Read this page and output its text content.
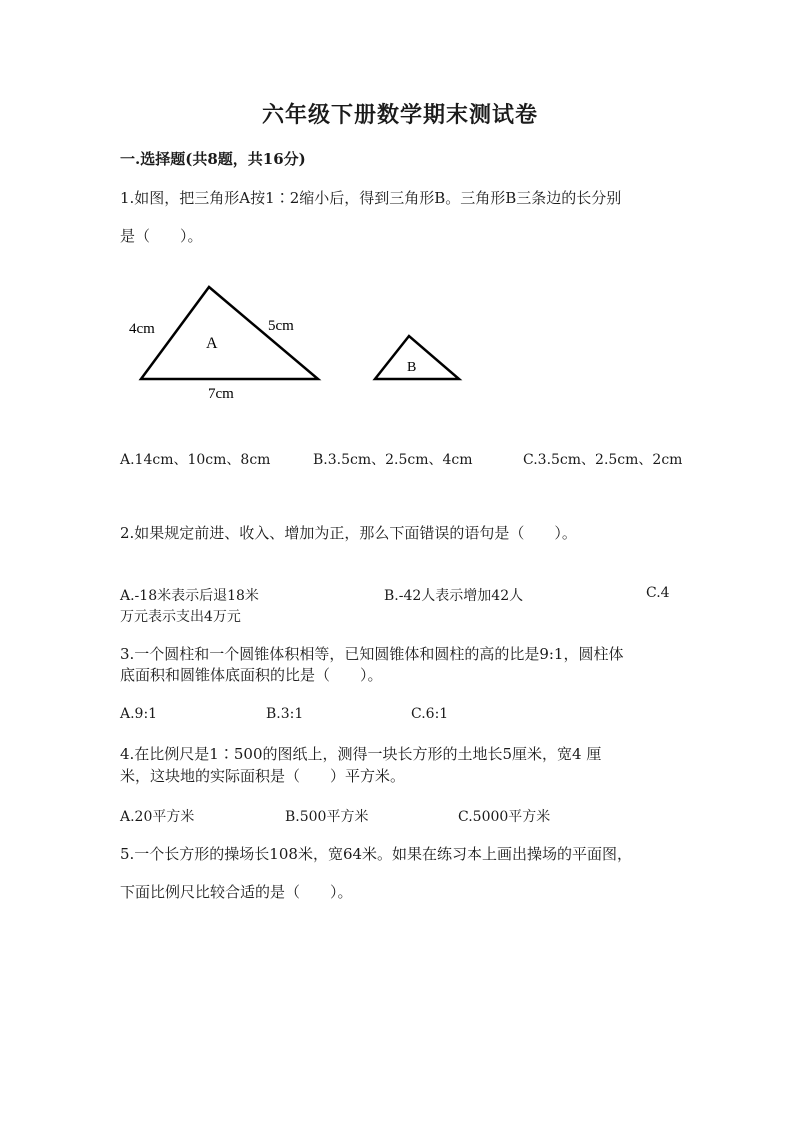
六年级下册数学期末测试卷
一.选择题(共8题，共16分)
1.如图，把三角形A按1∶2缩小后，得到三角形B。三角形B三条边的长分别
是（　　）。
A
4cm	5cm
7cm
B
A.14cm、10cm、8cm	B.3.5cm、2.5cm、4cm	C.3.5cm、2.5cm、2cm
2.如果规定前进、收入、增加为正，那么下面错误的语句是（　　）。
A.-18米表示后退18米	B.-42人表示增加42人	C.4
万元表示支出4万元
3.一个圆柱和一个圆锥体积相等，已知圆锥体和圆柱的高的比是9:1，圆柱体
底面积和圆锥体底面积的比是（　　）。
A.9:1	B.3:1	C.6:1
4.在比例尺是1∶500的图纸上，测得一块长方形的土地长5厘米，宽4 厘
米，这块地的实际面积是（　　）平方米。
A.20平方米	B.500平方米	C.5000平方米
5.一个长方形的操场长108米，宽64米。如果在练习本上画出操场的平面图，
下面比例尺比较合适的是（　　）。
